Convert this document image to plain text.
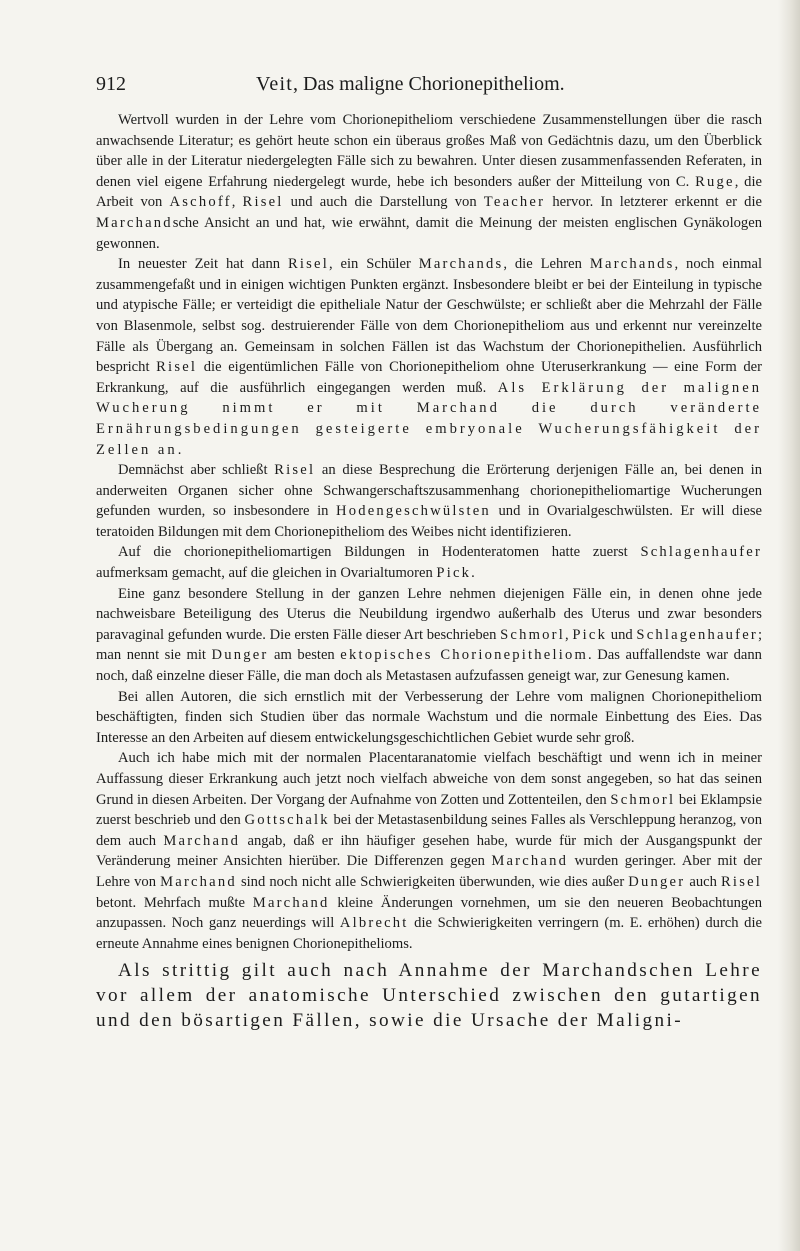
912	Veit, Das maligne Chorionepitheliom.

Wertvoll wurden in der Lehre vom Chorionepitheliom verschiedene Zusammenstellungen über die rasch anwachsende Literatur; es gehört heute schon ein überaus großes Maß von Gedächtnis dazu, um den Überblick über alle in der Literatur niedergelegten Fälle sich zu bewahren. Unter diesen zusammenfassenden Referaten, in denen viel eigene Erfahrung niedergelegt wurde, hebe ich besonders außer der Mitteilung von C. Ruge, die Arbeit von Aschoff, Risel und auch die Darstellung von Teacher hervor. In letzterer erkennt er die Marchandsche Ansicht an und hat, wie erwähnt, damit die Meinung der meisten englischen Gynäkologen gewonnen.

In neuester Zeit hat dann Risel, ein Schüler Marchands, die Lehren Marchands, noch einmal zusammengefaßt und in einigen wichtigen Punkten ergänzt. Insbesondere bleibt er bei der Einteilung in typische und atypische Fälle; er verteidigt die epitheliale Natur der Geschwülste; er schließt aber die Mehrzahl der Fälle von Blasenmole, selbst sog. destruierender Fälle von dem Chorionepitheliom aus und erkennt nur vereinzelte Fälle als Übergang an. Gemeinsam in solchen Fällen ist das Wachstum der Chorionepithelien. Ausführlich bespricht Risel die eigentümlichen Fälle von Chorionepitheliom ohne Uteruserkrankung — eine Form der Erkrankung, auf die ausführlich eingegangen werden muß. Als Erklärung der malignen Wucherung nimmt er mit Marchand die durch veränderte Ernährungsbedingungen gesteigerte embryonale Wucherungsfähigkeit der Zellen an.

Demnächst aber schließt Risel an diese Besprechung die Erörterung derjenigen Fälle an, bei denen in anderweiten Organen sicher ohne Schwangerschaftszusammenhang chorionepitheliomartige Wucherungen gefunden wurden, so insbesondere in Hodengeschwülsten und in Ovarialgeschwülsten. Er will diese teratoiden Bildungen mit dem Chorionepitheliom des Weibes nicht identifizieren.

Auf die chorionepitheliomartigen Bildungen in Hodenteratomen hatte zuerst Schlagenhaufer aufmerksam gemacht, auf die gleichen in Ovarialtumoren Pick.

Eine ganz besondere Stellung in der ganzen Lehre nehmen diejenigen Fälle ein, in denen ohne jede nachweisbare Beteiligung des Uterus die Neubildung irgendwo außerhalb des Uterus und zwar besonders paravaginal gefunden wurde. Die ersten Fälle dieser Art beschrieben Schmorl, Pick und Schlagenhaufer; man nennt sie mit Dunger am besten ektopisches Chorionepitheliom. Das auffallendste war dann noch, daß einzelne dieser Fälle, die man doch als Metastasen aufzufassen geneigt war, zur Genesung kamen.

Bei allen Autoren, die sich ernstlich mit der Verbesserung der Lehre vom malignen Chorionepitheliom beschäftigten, finden sich Studien über das normale Wachstum und die normale Einbettung des Eies. Das Interesse an den Arbeiten auf diesem entwickelungsgeschichtlichen Gebiet wurde sehr groß.

Auch ich habe mich mit der normalen Placentaranatomie vielfach beschäftigt und wenn ich in meiner Auffassung dieser Erkrankung auch jetzt noch vielfach abweiche von dem sonst angegeben, so hat das seinen Grund in diesen Arbeiten. Der Vorgang der Aufnahme von Zotten und Zottenteilen, den Schmorl bei Eklampsie zuerst beschrieb und den Gottschalk bei der Metastasenbildung seines Falles als Verschleppung heranzog, von dem auch Marchand angab, daß er ihn häufiger gesehen habe, wurde für mich der Ausgangspunkt der Veränderung meiner Ansichten hierüber. Die Differenzen gegen Marchand wurden geringer. Aber mit der Lehre von Marchand sind noch nicht alle Schwierigkeiten überwunden, wie dies außer Dunger auch Risel betont. Mehrfach mußte Marchand kleine Änderungen vornehmen, um sie den neueren Beobachtungen anzupassen. Noch ganz neuerdings will Albrecht die Schwierigkeiten verringern (m. E. erhöhen) durch die erneute Annahme eines benignen Chorionepithelioms.

Als strittig gilt auch nach Annahme der Marchandschen Lehre vor allem der anatomische Unterschied zwischen den gutartigen und den bösartigen Fällen, sowie die Ursache der Maligni-
